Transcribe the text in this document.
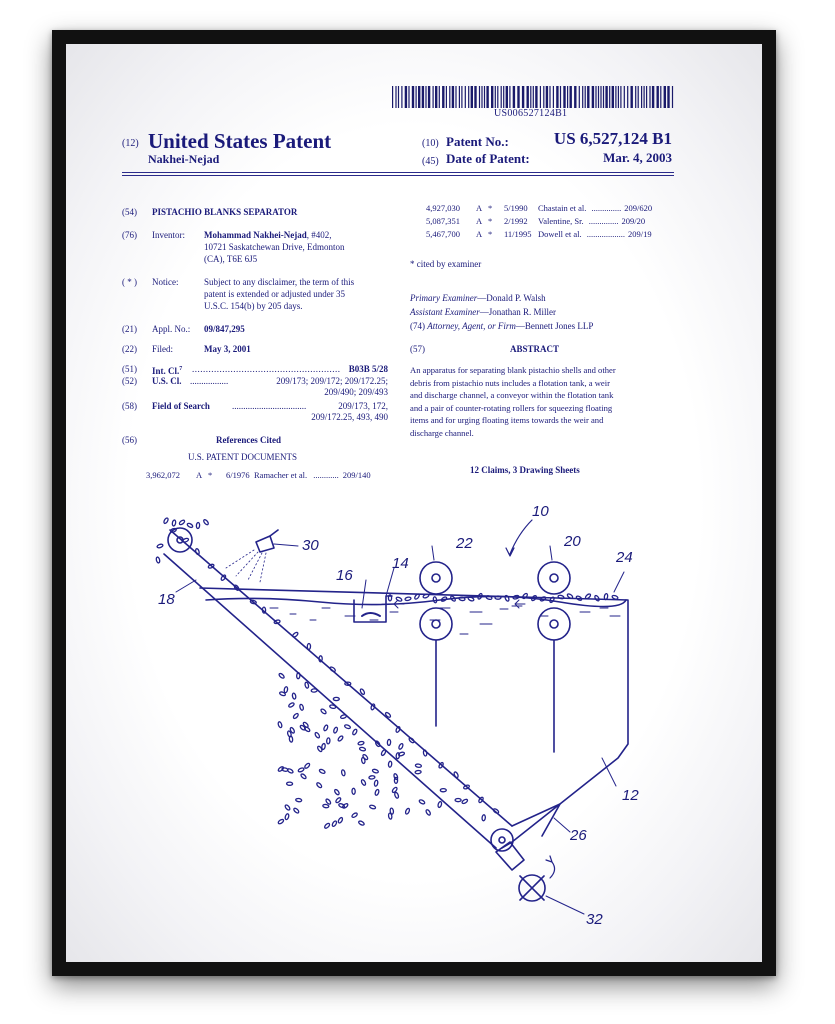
US006527124B1
(12) United States Patent
Nakhei-Nejad
(10) Patent No.:	US 6,527,124 B1
(45) Date of Patent:	Mar. 4, 2003
(54) PISTACHIO BLANKS SEPARATOR
(76) Inventor: Mohammad Nakhei-Nejad, #402,
10721 Saskatchewan Drive, Edmonton
(CA), T6E 6J5
( * ) Notice:	Subject to any disclaimer, the term of this
patent is extended or adjusted under 35
U.S.C. 154(b) by 205 days.
(21) Appl. No.: 09/847,295
(22) Filed:	May 3, 2001
(51) Int. Cl.$^7$ ...................................................... B03B 5/28
(52) U.S. Cl. .................	209/173; 209/172; 209/172.25;
209/490; 209/493
(58) Field of Search .................................	209/173, 172,
209/172.25, 493, 490
(56)	References Cited
U.S. PATENT DOCUMENTS
3,962,072 A * 6/1976 Ramacher et al. ............ 209/140
4,927,030 A * 5/1990 Chastain et al. .............. 209/620
5,087,351 A * 2/1992 Valentine, Sr. .............. 209/20
5,467,700 A * 11/1995 Dowell et al. .................. 209/19
* cited by examiner
Primary Examiner—Donald P. Walsh
Assistant Examiner—Jonathan R. Miller
(74) Attorney, Agent, or Firm—Bennett Jones LLP
(57)	ABSTRACT
An apparatus for separating blank pistachio shells and other
debris from pistachio nuts includes a flotation tank, a weir
and discharge channel, a conveyor within the flotation tank
and a pair of counter-rotating rollers for squeezing floating
items and for urging floating items towards the weir and
discharge channel.
12 Claims, 3 Drawing Sheets
10
12
14
16
18
20
22
24
26
30
32
